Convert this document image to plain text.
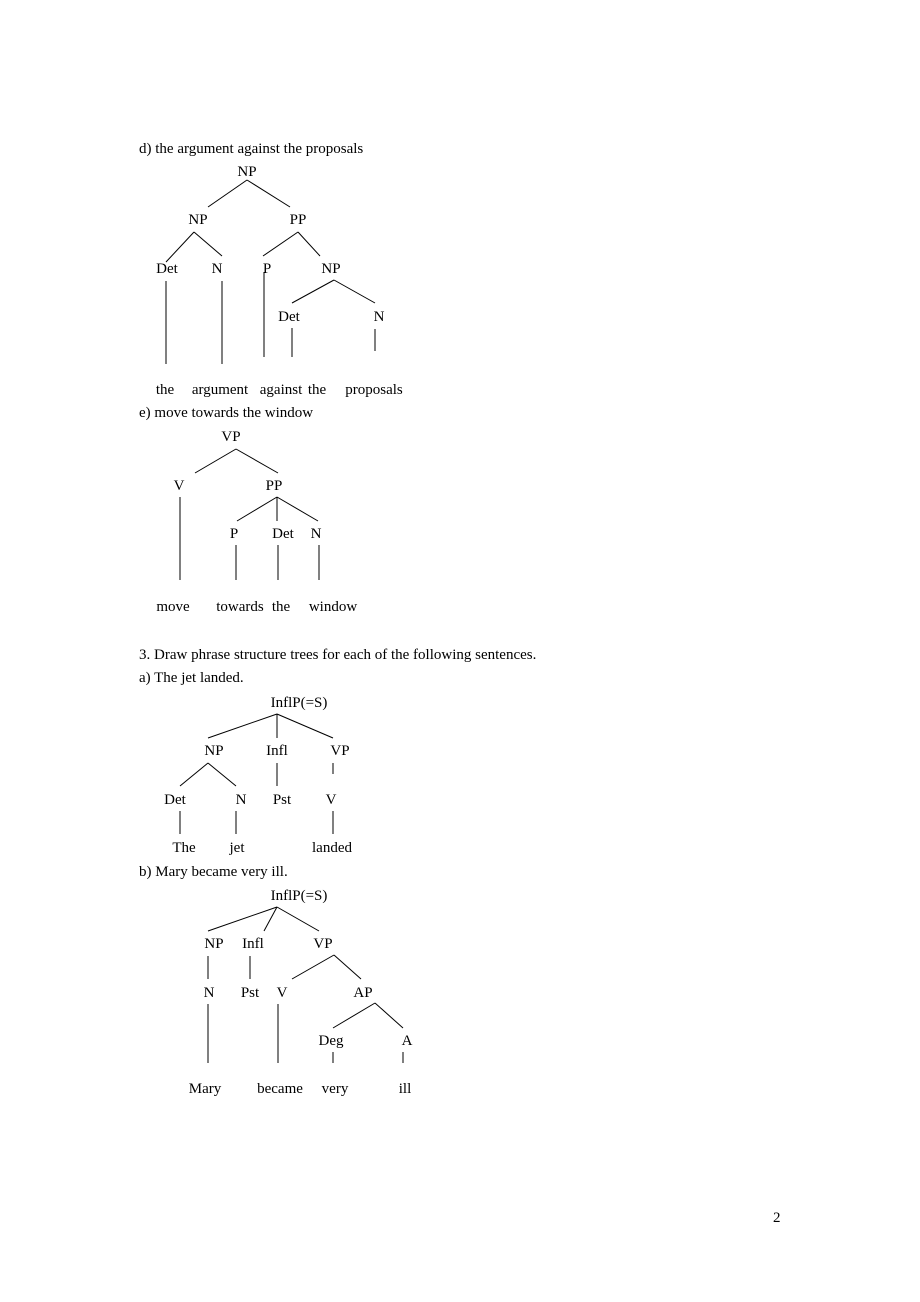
d) the argument against the proposals
NP
NP	PP
Det N	P	NP
Det	N
the argument against the proposals
e) move towards the window
VP
V	PP
P Det N
move towards the window
3. Draw phrase structure trees for each of the following sentences.
a) The jet landed.
InflP(=S)
NP	Infl	VP
Det	N Pst V
The jet	landed
b) Mary became very ill.
InflP(=S)
NP Infl	VP
N Pst V	AP
Deg	A
Mary became very	ill
2
